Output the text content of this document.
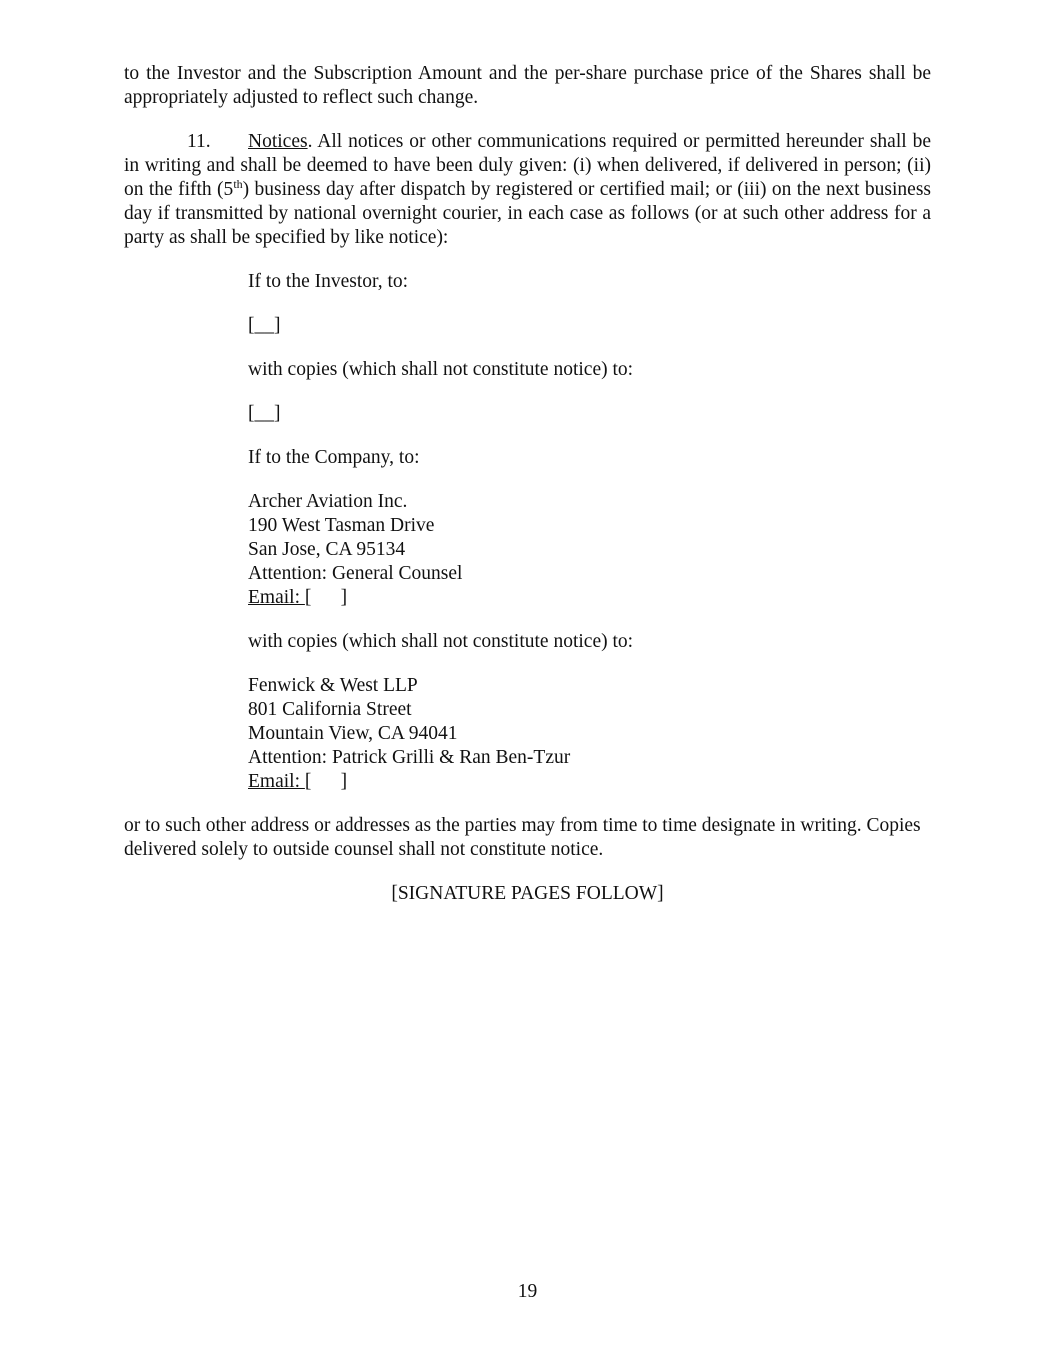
to the Investor and the Subscription Amount and the per-share purchase price of the Shares shall be appropriately adjusted to reflect such change.

11. Notices. All notices or other communications required or permitted hereunder shall be in writing and shall be deemed to have been duly given: (i) when delivered, if delivered in person; (ii) on the fifth (5th) business day after dispatch by registered or certified mail; or (iii) on the next business day if transmitted by national overnight courier, in each case as follows (or at such other address for a party as shall be specified by like notice):

If to the Investor, to:

[__]

with copies (which shall not constitute notice) to:

[__]

If to the Company, to:

Archer Aviation Inc.
190 West Tasman Drive
San Jose, CA 95134
Attention: General Counsel
Email: [      ]

with copies (which shall not constitute notice) to:

Fenwick & West LLP
801 California Street
Mountain View, CA 94041
Attention: Patrick Grilli & Ran Ben-Tzur
Email: [      ]

or to such other address or addresses as the parties may from time to time designate in writing. Copies delivered solely to outside counsel shall not constitute notice.

[SIGNATURE PAGES FOLLOW]

19
